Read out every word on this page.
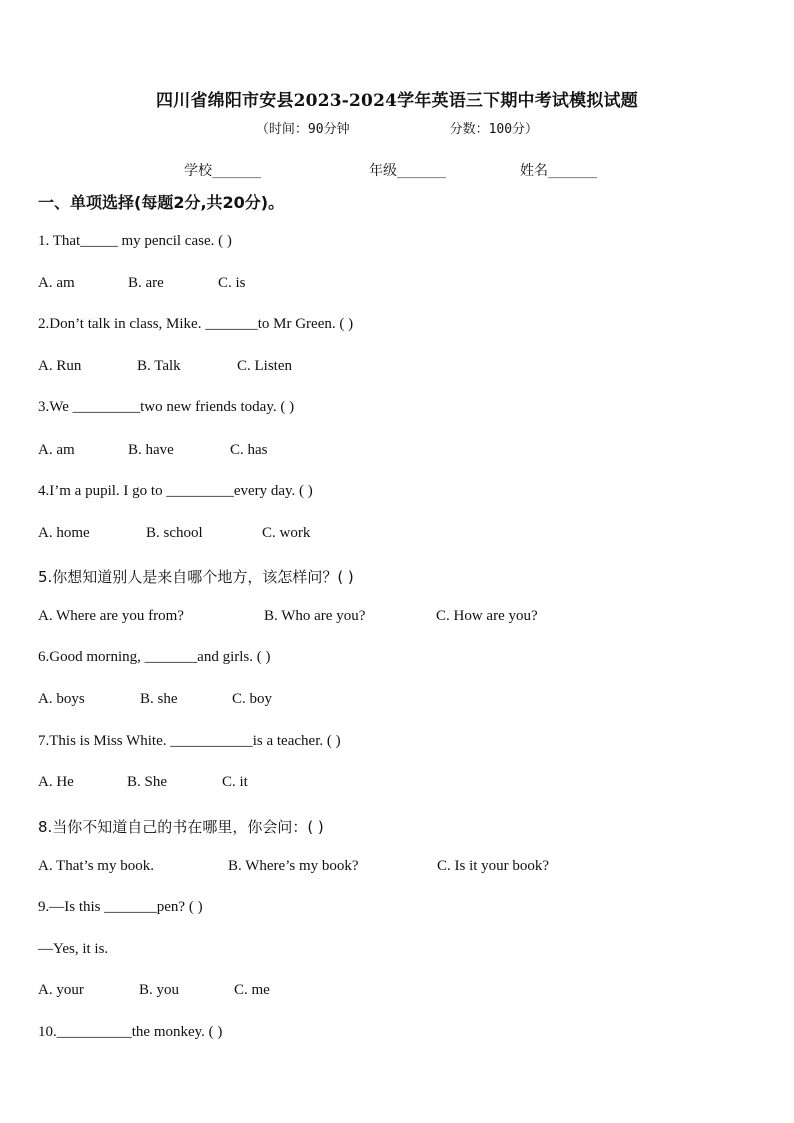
四川省绵阳市安县2023-2024学年英语三下期中考试模拟试题
（时间：90分钟	分数：100分）
学校_______	年级_______	姓名_______
一、单项选择(每题2分,共20分)。
1. That_____ my pencil case. ( )
A. am	B. are	C. is
2.Don’t talk in class, Mike. _______to Mr Green. ( )
A. Run	B. Talk	C. Listen
3.We _________two new friends today. ( )
A. am	B. have	C. has
4.I’m a pupil. I go to _________every day. ( )
A. home	B. school	C. work
5.你想知道别人是来自哪个地方，该怎样问？( )
A. Where are you from?	B. Who are you?	C. How are you?
6.Good morning, _______and girls. ( )
A. boys	B. she	C. boy
7.This is Miss White. ___________is a teacher. ( )
A. He	B. She	C. it
8.当你不知道自己的书在哪里，你会问：( )
A. That’s my book.	B. Where’s my book?	C. Is it your book?
9.—Is this _______pen? ( )
—Yes, it is.
A. your	B. you	C. me
10.__________the monkey. ( )
